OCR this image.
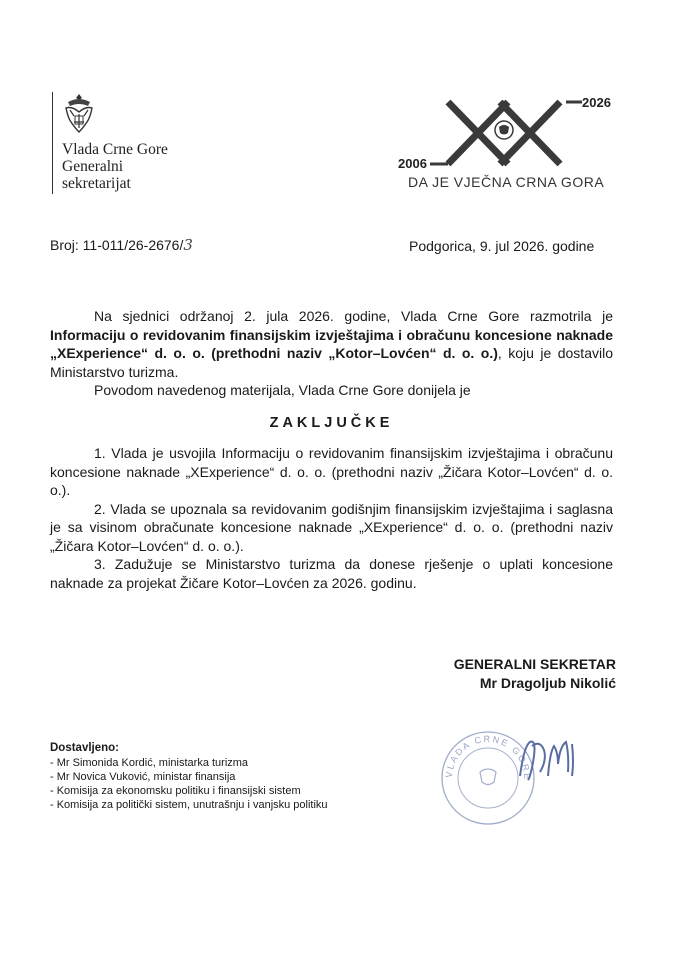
Vlada Crne Gore
Generalni
sekretarijat
2026
2006
DA JE VJEČNA CRNA GORA
Broj: 11-011/26-2676/3	Podgorica, 9. jul 2026. godine
Na sjednici održanoj 2. jula 2026. godine, Vlada Crne Gore razmotrila je Informaciju o revidovanim finansijskim izvještajima i obračunu koncesione naknade „XExperience“ d. o. o. (prethodni naziv „Kotor–Lovćen“ d. o. o.), koju je dostavilo Ministarstvo turizma.
Povodom navedenog materijala, Vlada Crne Gore donijela je
ZAKLJUČKE
1. Vlada je usvojila Informaciju o revidovanim finansijskim izvještajima i obračunu koncesione naknade „XExperience“ d. o. o. (prethodni naziv „Žičara Kotor–Lovćen“ d. o. o.).
2. Vlada se upoznala sa revidovanim godišnjim finansijskim izvještajima i saglasna je sa visinom obračunate koncesione naknade „XExperience“ d. o. o. (prethodni naziv „Žičara Kotor–Lovćen“ d. o. o.).
3. Zadužuje se Ministarstvo turizma da donese rješenje o uplati koncesione naknade za projekat Žičare Kotor–Lovćen za 2026. godinu.
GENERALNI SEKRETAR
Mr Dragoljub Nikolić
VLADA CRNE GORE
Dostavljeno:
- Mr Simonida Kordić, ministarka turizma
- Mr Novica Vuković, ministar finansija
- Komisija za ekonomsku politiku i finansijski sistem
- Komisija za politički sistem, unutrašnju i vanjsku politiku
